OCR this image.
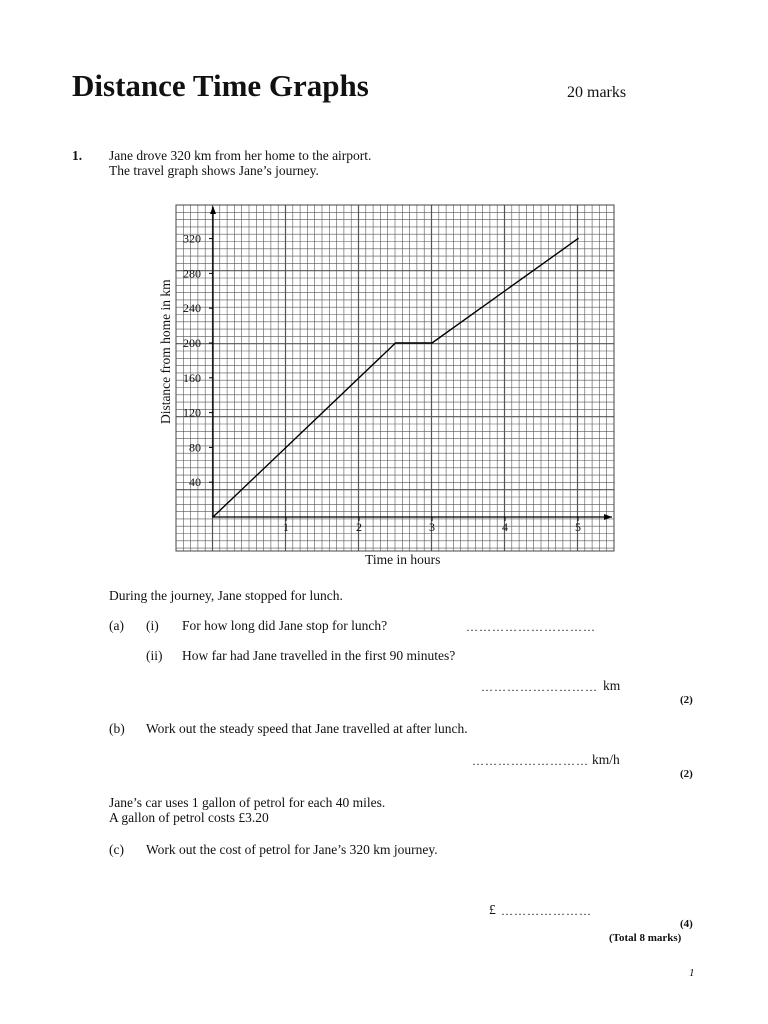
Distance Time Graphs	20 marks
1. Jane drove 320 km from her home to the airport.
The travel graph shows Jane’s journey.
40
80
120
160
200
240
280
320
1	2	3	4	5
Time in hours
Distance from home in km
During the journey, Jane stopped for lunch.
(a) (i) For how long did Jane stop for lunch?	…………………………
(ii) How far had Jane travelled in the first 90 minutes?
……………………… km
(2)
(b) Work out the steady speed that Jane travelled at after lunch.
……………………… km/h
(2)
Jane’s car uses 1 gallon of petrol for each 40 miles.
A gallon of petrol costs £3.20
(c) Work out the cost of petrol for Jane’s 320 km journey.
£ …………………
(4)
(Total 8 marks)
1
